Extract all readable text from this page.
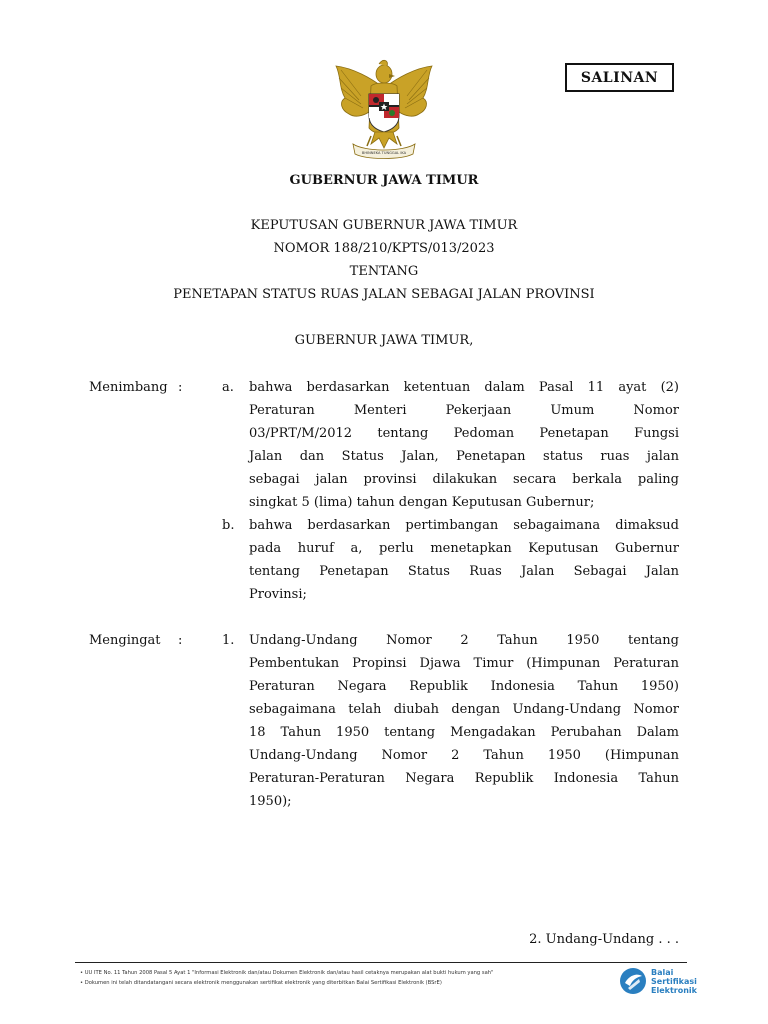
SALINAN
BHINNEKA TUNGGAL IKA
GUBERNUR JAWA TIMUR
KEPUTUSAN GUBERNUR JAWA TIMUR
NOMOR 188/210/KPTS/013/2023
TENTANG
PENETAPAN STATUS RUAS JALAN SEBAGAI JALAN PROVINSI
GUBERNUR JAWA TIMUR,
Menimbang :	a. bahwa berdasarkan ketentuan dalam Pasal 11 ayat (2)
Peraturan Menteri Pekerjaan Umum Nomor
03/PRT/M/2012 tentang Pedoman Penetapan Fungsi
Jalan dan Status Jalan, Penetapan status ruas jalan
sebagai jalan provinsi dilakukan secara berkala paling
singkat 5 (lima) tahun dengan Keputusan Gubernur;
b. bahwa berdasarkan pertimbangan sebagaimana dimaksud
pada huruf a, perlu menetapkan Keputusan Gubernur
tentang Penetapan Status Ruas Jalan Sebagai Jalan
Provinsi;
Mengingat :	1. Undang-Undang Nomor 2 Tahun 1950 tentang
Pembentukan Propinsi Djawa Timur (Himpunan Peraturan
Peraturan Negara Republik Indonesia Tahun 1950)
sebagaimana telah diubah dengan Undang-Undang Nomor
18 Tahun 1950 tentang Mengadakan Perubahan Dalam
Undang-Undang Nomor 2 Tahun 1950 (Himpunan
Peraturan-Peraturan Negara Republik Indonesia Tahun
1950);
2. Undang-Undang . . .
• UU ITE No. 11 Tahun 2008 Pasal 5 Ayat 1 "Informasi Elektronik dan/atau Dokumen Elektronik dan/atau hasil cetaknya merupakan alat bukti hukum yang sah"
• Dokumen ini telah ditandatangani secara elektronik menggunakan sertifikat elektronik yang diterbitkan Balai Sertifikasi Elektronik (BSrE)
Balai
Sertifikasi
Elektronik
